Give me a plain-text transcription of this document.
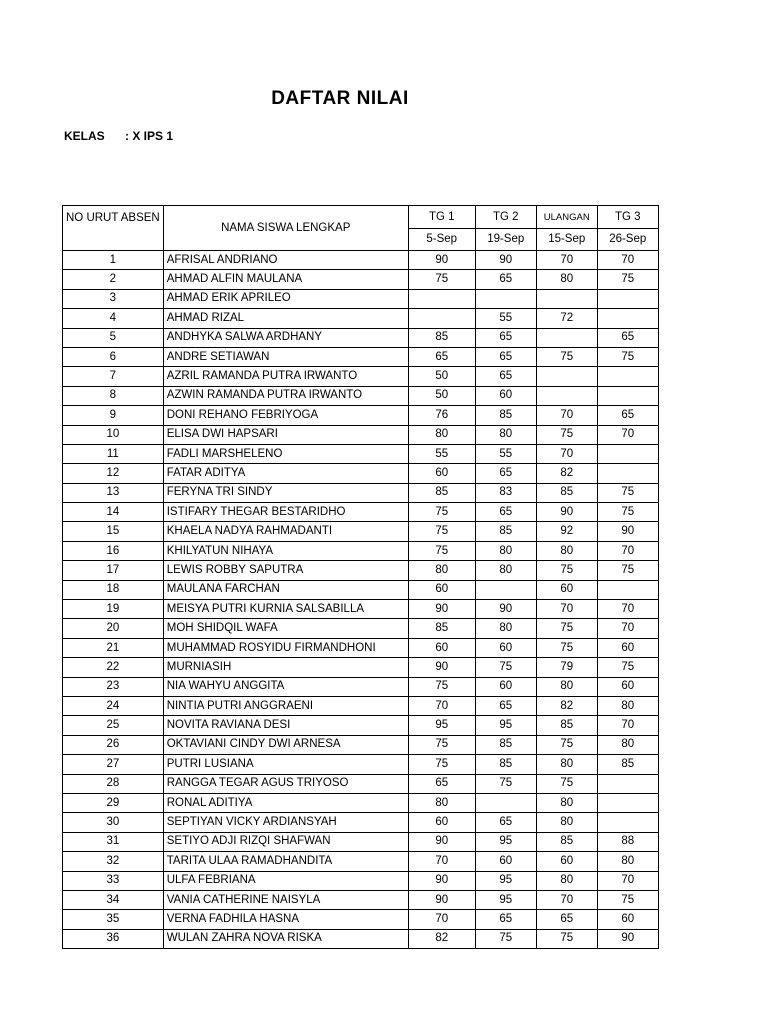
DAFTAR NILAI
KELAS : X IPS 1
NO URUT ABSEN	NAMA SISWA LENGKAP	TG 1	TG 2	ULANGAN	TG 3
		5-Sep	19-Sep	15-Sep	26-Sep
1	AFRISAL ANDRIANO	90	90	70	70
2	AHMAD ALFIN MAULANA	75	65	80	75
3	AHMAD ERIK APRILEO				
4	AHMAD RIZAL		55	72	
5	ANDHYKA SALWA ARDHANY	85	65		65
6	ANDRE SETIAWAN	65	65	75	75
7	AZRIL RAMANDA PUTRA IRWANTO	50	65		
8	AZWIN RAMANDA PUTRA IRWANTO	50	60		
9	DONI REHANO FEBRIYOGA	76	85	70	65
10	ELISA DWI HAPSARI	80	80	75	70
11	FADLI MARSHELENO	55	55	70	
12	FATAR ADITYA	60	65	82	
13	FERYNA TRI SINDY	85	83	85	75
14	ISTIFARY THEGAR BESTARIDHO	75	65	90	75
15	KHAELA NADYA RAHMADANTI	75	85	92	90
16	KHILYATUN NIHAYA	75	80	80	70
17	LEWIS ROBBY SAPUTRA	80	80	75	75
18	MAULANA FARCHAN	60		60	
19	MEISYA PUTRI KURNIA SALSABILLA	90	90	70	70
20	MOH SHIDQIL WAFA	85	80	75	70
21	MUHAMMAD ROSYIDU FIRMANDHONI	60	60	75	60
22	MURNIASIH	90	75	79	75
23	NIA WAHYU ANGGITA	75	60	80	60
24	NINTIA PUTRI ANGGRAENI	70	65	82	80
25	NOVITA RAVIANA DESI	95	95	85	70
26	OKTAVIANI CINDY DWI ARNESA	75	85	75	80
27	PUTRI LUSIANA	75	85	80	85
28	RANGGA TEGAR AGUS TRIYOSO	65	75	75	
29	RONAL ADITIYA	80		80	
30	SEPTIYAN VICKY ARDIANSYAH	60	65	80	
31	SETIYO ADJI RIZQI SHAFWAN	90	95	85	88
32	TARITA ULAA RAMADHANDITA	70	60	60	80
33	ULFA FEBRIANA	90	95	80	70
34	VANIA CATHERINE NAISYLA	90	95	70	75
35	VERNA FADHILA HASNA	70	65	65	60
36	WULAN ZAHRA NOVA RISKA	82	75	75	90
